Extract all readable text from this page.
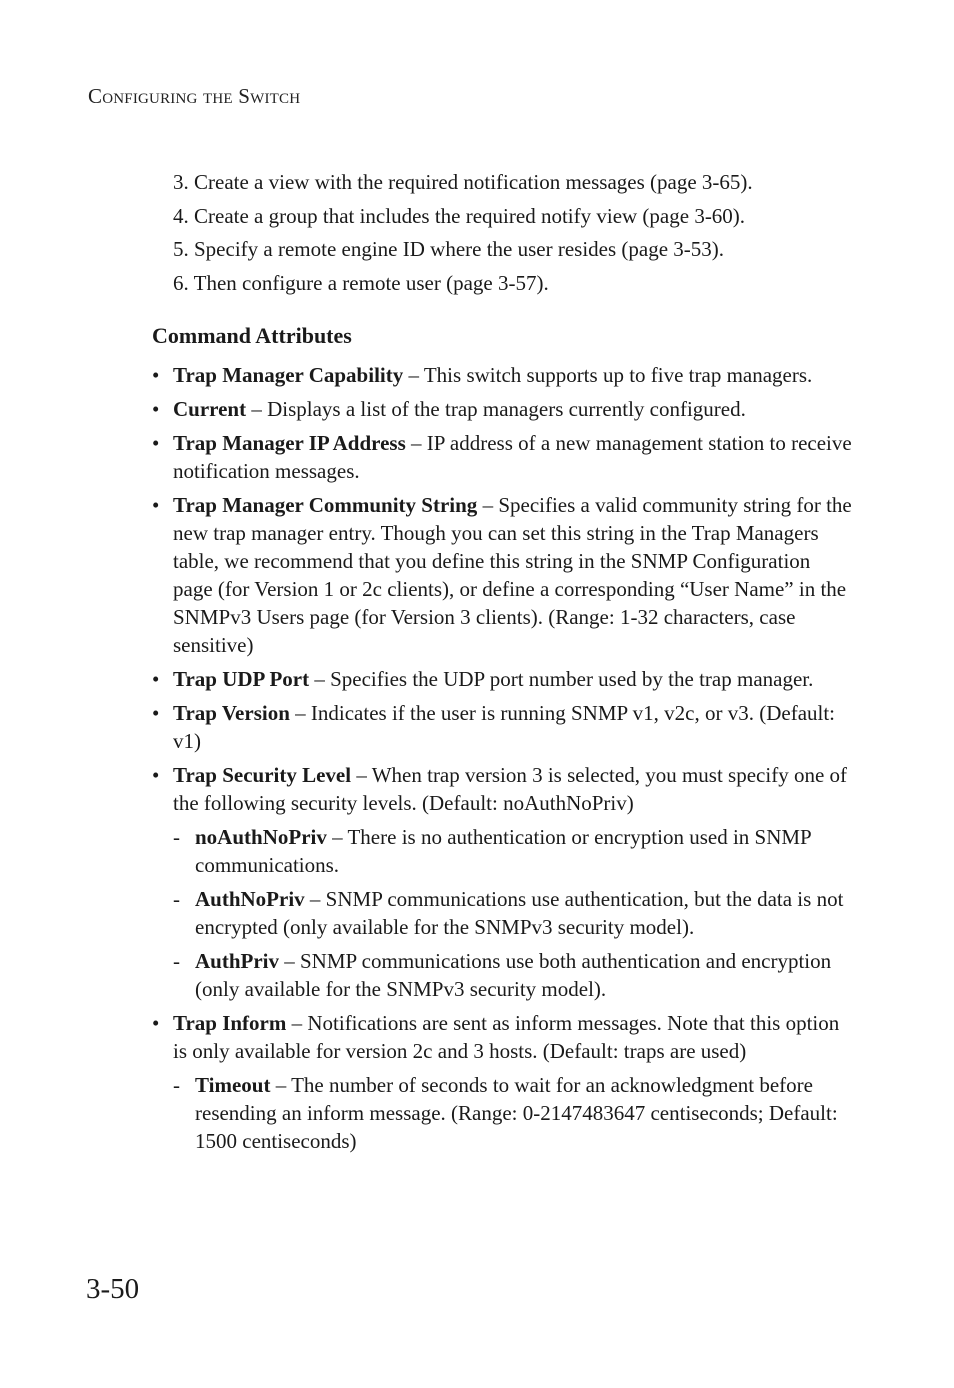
Configuring the Switch
3. Create a view with the required notification messages (page 3-65).
4. Create a group that includes the required notify view (page 3-60).
5. Specify a remote engine ID where the user resides (page 3-53).
6. Then configure a remote user (page 3-57).
Command Attributes
• Trap Manager Capability – This switch supports up to five trap managers.
• Current – Displays a list of the trap managers currently configured.
• Trap Manager IP Address – IP address of a new management station to receive notification messages.
• Trap Manager Community String – Specifies a valid community string for the new trap manager entry. Though you can set this string in the Trap Managers table, we recommend that you define this string in the SNMP Configuration page (for Version 1 or 2c clients), or define a corresponding “User Name” in the SNMPv3 Users page (for Version 3 clients). (Range: 1-32 characters, case sensitive)
• Trap UDP Port – Specifies the UDP port number used by the trap manager.
• Trap Version – Indicates if the user is running SNMP v1, v2c, or v3. (Default: v1)
• Trap Security Level – When trap version 3 is selected, you must specify one of the following security levels. (Default: noAuthNoPriv)
- noAuthNoPriv – There is no authentication or encryption used in SNMP communications.
- AuthNoPriv – SNMP communications use authentication, but the data is not encrypted (only available for the SNMPv3 security model).
- AuthPriv – SNMP communications use both authentication and encryption (only available for the SNMPv3 security model).
• Trap Inform – Notifications are sent as inform messages. Note that this option is only available for version 2c and 3 hosts. (Default: traps are used)
- Timeout – The number of seconds to wait for an acknowledgment before resending an inform message. (Range: 0-2147483647 centiseconds; Default: 1500 centiseconds)
3-50
